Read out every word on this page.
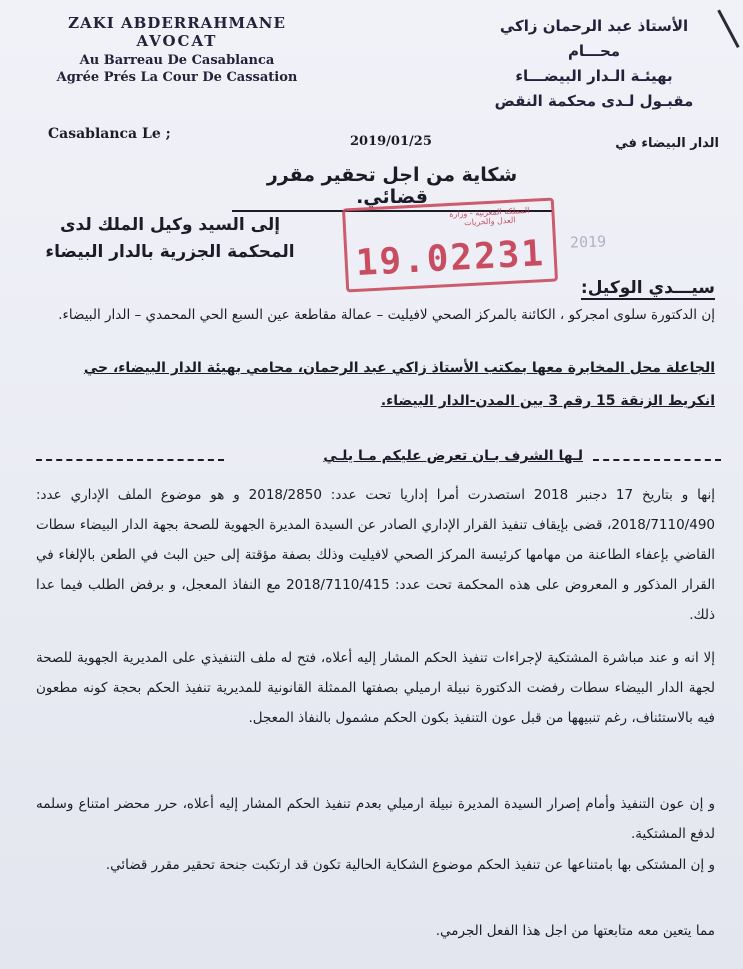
ZAKI ABDERRAHMANE
AVOCAT
Au Barreau De Casablanca
Agrée Prés La Cour De Cassation
الأستاذ عبد الرحمان زاكي
محـــام
بهيئـة الـدار البيضـــاء
مقبـول لـدى محكمة النقض
Casablanca Le ;	2019/01/25	الدار البيضاء في
شكاية من اجل تحقير مقرر قضائي.
إلى السيد وكيل الملك لدى
المحكمة الجزرية بالدار البيضاء
المملكة المغربية - وزارة العدل والحريات
19.02231 2019
سيـــدي الوكيل:
إن الدكتورة سلوى امجركو ، الكائنة بالمركز الصحي لافيليت – عمالة مقاطعة عين السبع الحي المحمدي – الدار البيضاء.
الجاعلة محل المخابرة معها بمكتب الأستاذ زاكي عبد الرحمان، محامي بهيئة الدار البيضاء، حي انكريط الزنقة 15 رقم 3 بين المدن-الدار البيضاء.
لـها الشرف بـان تعرض عليكم مـا يلـي
إنها و بتاريخ 17 دجنبر 2018 استصدرت أمرا إداريا تحت عدد: 2018/2850 و هو موضوع الملف الإداري عدد: 2018/7110/490، قضى بإيقاف تنفيذ القرار الإداري الصادر عن السيدة المديرة الجهوية للصحة بجهة الدار البيضاء سطات القاضي بإعفاء الطاعنة من مهامها كرئيسة المركز الصحي لافيليت وذلك بصفة مؤقتة إلى حين البث في الطعن بالإلغاء في القرار المذكور و المعروض على هذه المحكمة تحت عدد: 2018/7110/415 مع النفاذ المعجل، و برفض الطلب فيما عدا ذلك.
إلا انه و عند مباشرة المشتكية لإجراءات تنفيذ الحكم المشار إليه أعلاه، فتح له ملف التنفيذي على المديرية الجهوية للصحة لجهة الدار البيضاء سطات رفضت الدكتورة نبيلة ارميلي بصفتها الممثلة القانونية للمديرية تنفيذ الحكم بحجة كونه مطعون فيه بالاستئناف، رغم تنبيهها من قبل عون التنفيذ بكون الحكم مشمول بالنفاذ المعجل.
و إن عون التنفيذ وأمام إصرار السيدة المديرة نبيلة ارميلي بعدم تنفيذ الحكم المشار إليه أعلاه، حرر محضر امتناع وسلمه لدفع المشتكية.
و إن المشتكى بها بامتناعها عن تنفيذ الحكم موضوع الشكاية الحالية تكون قد ارتكبت جنحة تحقير مقرر قضائي.
مما يتعين معه متابعتها من اجل هذا الفعل الجرمي.
